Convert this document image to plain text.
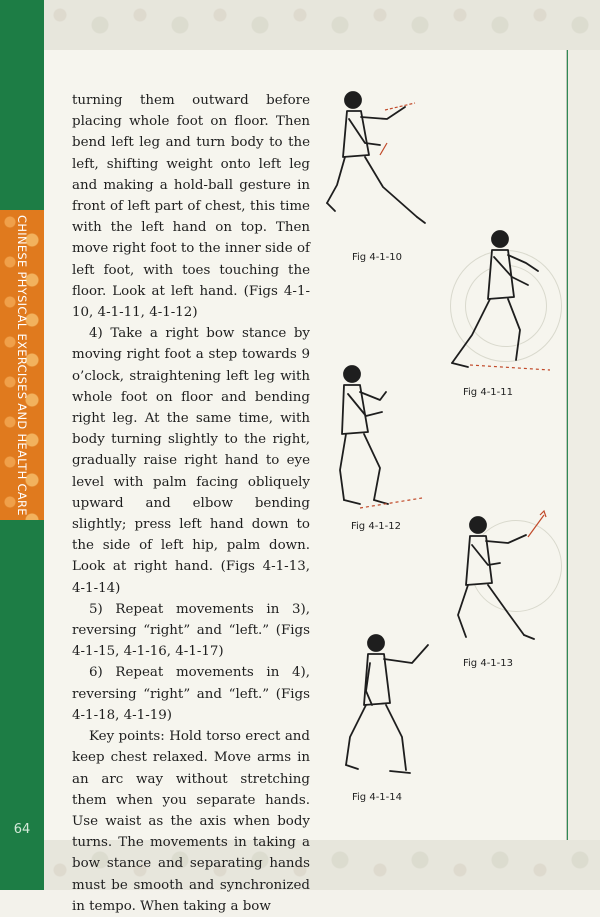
CHINESE PHYSICAL EXERCISES AND HEALTH CARE
64

turning them outward before placing whole foot on floor. Then bend left leg and turn body to the left, shifting weight onto left leg and making a hold-ball gesture in front of left part of chest, this time with the left hand on top. Then move right foot to the inner side of left foot, with toes touching the floor. Look at left hand. (Figs 4-1-10, 4-1-11, 4-1-12)

4) Take a right bow stance by moving right foot a step towards 9 o’clock, straightening left leg with whole foot on floor and bending right leg. At the same time, with body turning slightly to the right, gradually raise right hand to eye level with palm facing obliquely upward and elbow bending slightly; press left hand down to the side of left hip, palm down. Look at right hand. (Figs 4-1-13, 4-1-14)

5) Repeat movements in 3), reversing “right” and “left.” (Figs 4-1-15, 4-1-16, 4-1-17)

6) Repeat movements in 4), reversing “right” and “left.” (Figs 4-1-18, 4-1-19)

Key points: Hold torso erect and keep chest relaxed. Move arms in an arc way without stretching them when you separate hands. Use waist as the axis when body turns. The movements in taking a bow stance and separating hands must be smooth and synchronized in tempo. When taking a bow

Fig 4-1-10
Fig 4-1-11
Fig 4-1-12
Fig 4-1-13
Fig 4-1-14
